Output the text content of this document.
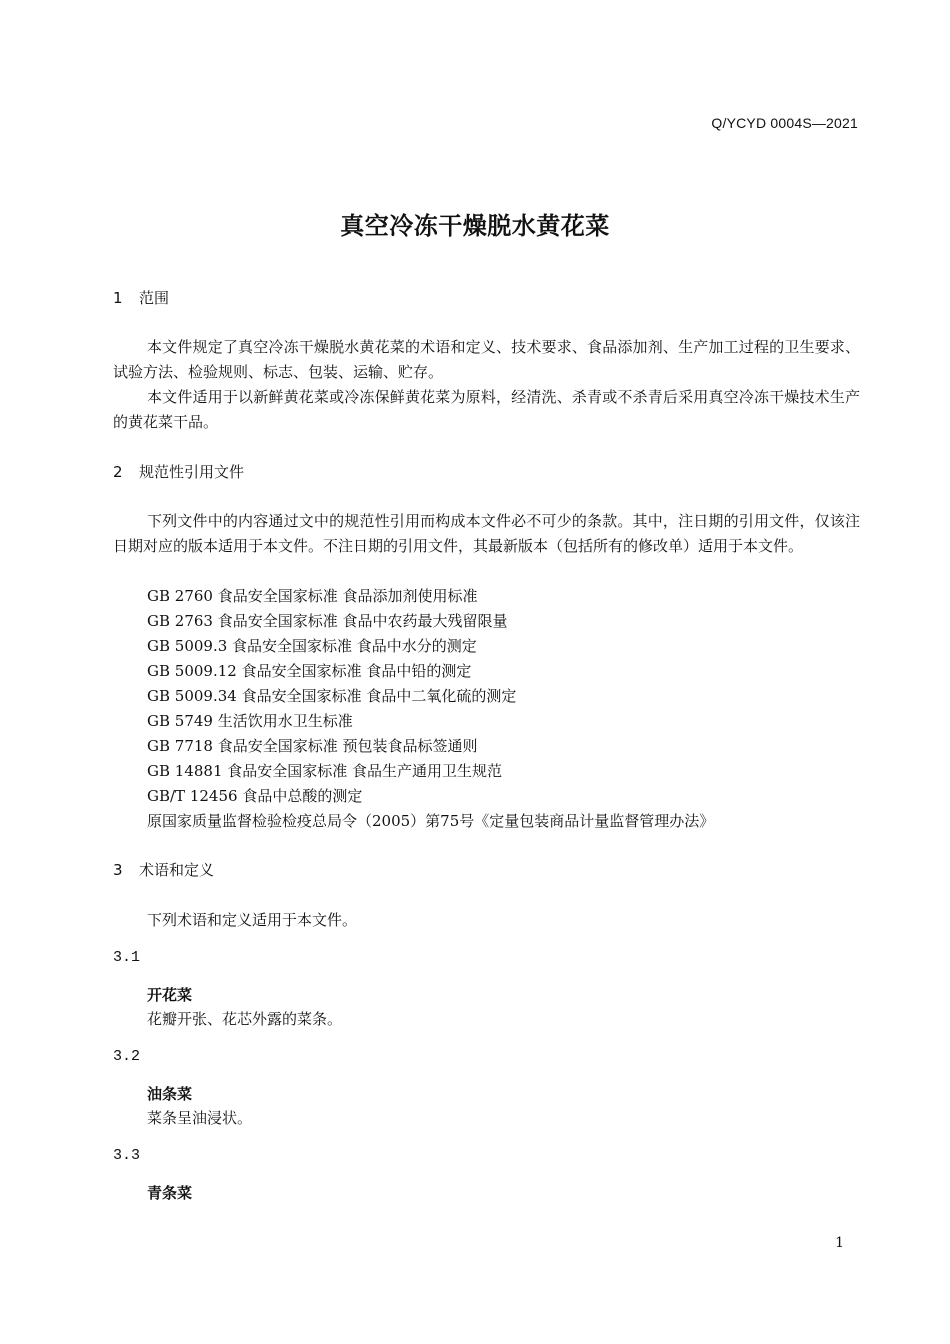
Q/YCYD 0004S—2021
真空冷冻干燥脱水黄花菜
1 范围

本文件规定了真空冷冻干燥脱水黄花菜的术语和定义、技术要求、食品添加剂、生产加工过程的卫生要求、试验方法、检验规则、标志、包装、运输、贮存。

本文件适用于以新鲜黄花菜或冷冻保鲜黄花菜为原料，经清洗、杀青或不杀青后采用真空冷冻干燥技术生产的黄花菜干品。

2 规范性引用文件

下列文件中的内容通过文中的规范性引用而构成本文件必不可少的条款。其中，注日期的引用文件，仅该注日期对应的版本适用于本文件。不注日期的引用文件，其最新版本（包括所有的修改单）适用于本文件。

GB 2760 食品安全国家标准 食品添加剂使用标准
GB 2763 食品安全国家标准 食品中农药最大残留限量
GB 5009.3 食品安全国家标准 食品中水分的测定
GB 5009.12 食品安全国家标准 食品中铅的测定
GB 5009.34 食品安全国家标准 食品中二氧化硫的测定
GB 5749 生活饮用水卫生标准
GB 7718 食品安全国家标准 预包装食品标签通则
GB 14881 食品安全国家标准 食品生产通用卫生规范
GB/T 12456 食品中总酸的测定
原国家质量监督检验检疫总局令（2005）第75号《定量包装商品计量监督管理办法》
3 术语和定义
下列术语和定义适用于本文件。
3.1
开花菜
花瓣开张、花芯外露的菜条。
3.2
油条菜
菜条呈油浸状。
3.3
青条菜
1
